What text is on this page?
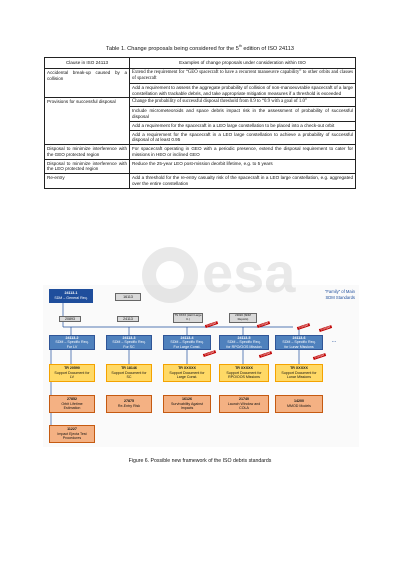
Table 1. Change proposals being considered for the 5th edition of ISO 24113
Clause in ISO 24113	Examples of change proposals under consideration within ISO
Accidental break-up caused by a collision	Extend the requirement for “GEO spacecraft to have a recurrent manoeuvre capability” to other orbits and classes of spacecraft
	Add a requirement to assess the aggregate probability of collision of non-manoeuvrable spacecraft of a large constellation with trackable debris, and take appropriate mitigation measures if a threshold is exceeded
Provisions for successful disposal	Change the probability of successful disposal threshold from 0.9 to “0.9 with a goal of 1.0”
	Include micrometeoroids and space debris impact risk in the assessment of probability of successful disposal
	Add a requirement for the spacecraft in a LEO large constellation to be placed into a check-out orbit
	Add a requirement for the spacecraft in a LEO large constellation to achieve a probability of successful disposal of at least 0.95
Disposal to minimize interference with the GEO protected region	For spacecraft operating in GEO with a periodic presence, extend the disposal requirement to cater for missions in HEO or inclined GEO
Disposal to minimize interference with the LEO protected region	Reduce the 25-year LEO post-mission deorbit lifetime, e.g. to 5 years
Re-entry	Add a threshold for the re-entry casualty risk of the spacecraft in a LEO large constellation, e.g. aggregated over the entire constellation
“Family” of Main
SDM Standards
24113-1
SDM – General Req.	16113
20893	24113
TS XXXX (LEO Large C.)
23020 (SDM Reports)
24113-2
SDM – Specific Req.
For LV
24113-3
SDM – Specific Req.
For SC
24113-4
SDM – Specific Req.
For Large Const.
24113-5
SDM – Specific Req.
for RPO/OOS Mission
24113-6
SDM – Specific Req.
for Lunar Missions
...
Example	Example	Example	Example
Example	Example	Example
TR 20590
Support Document for
LV
TR 18146
Support Document for
SC
TR XXXXX
Support Document for
Large Const.
TR XXXXX
Support Document for
RPO/OOS Missions
TR XXXXX
Support Document for
Lunar Missions
27852
Orbit Lifetime
Estimation
27875
Re-Entry Risk
16126
Survivability Against
Impacts
21740
Launch Window and
COLA
14200
MMOD Models
11227
Impact Ejecta Test
Procedures
esa
Figure 6. Possible new framework of the ISO debris standards
